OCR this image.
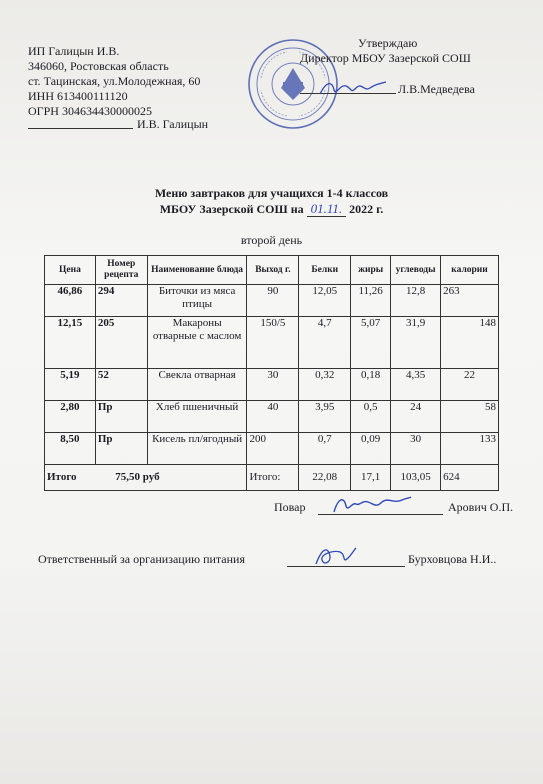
ИП Галицын И.В.
346060, Ростовская область
ст. Тацинская, ул.Молодежная, 60
ИНН 613400111120
ОГРН 304634430000025
И.В. Галицын
Утверждаю
Директор МБОУ Зазерской СОШ
Л.В.Медведева
Меню завтраков для учащихся 1-4 классов
МБОУ Зазерской СОШ на 01.11. 2022 г.
второй день
Цена	Номер рецепта	Наименование блюда	Выход г.	Белки	жиры	углеводы	калории
46,86	294	Биточки из мяса птицы	90	12,05	11,26	12,8	263
12,15	205	Макароны отварные с маслом	150/5	4,7	5,07	31,9	148
5,19	52	Свекла отварная	30	0,32	0,18	4,35	22
2,80	Пр	Хлеб пшеничный	40	3,95	0,5	24	58
8,50	Пр	Кисель пл/ягодный	200	0,7	0,09	30	133
Итого 75,50 руб			Итого:	22,08	17,1	103,05	624
Повар	Арович О.П.
Ответственный за организацию питания	Бурховцова Н.И..
